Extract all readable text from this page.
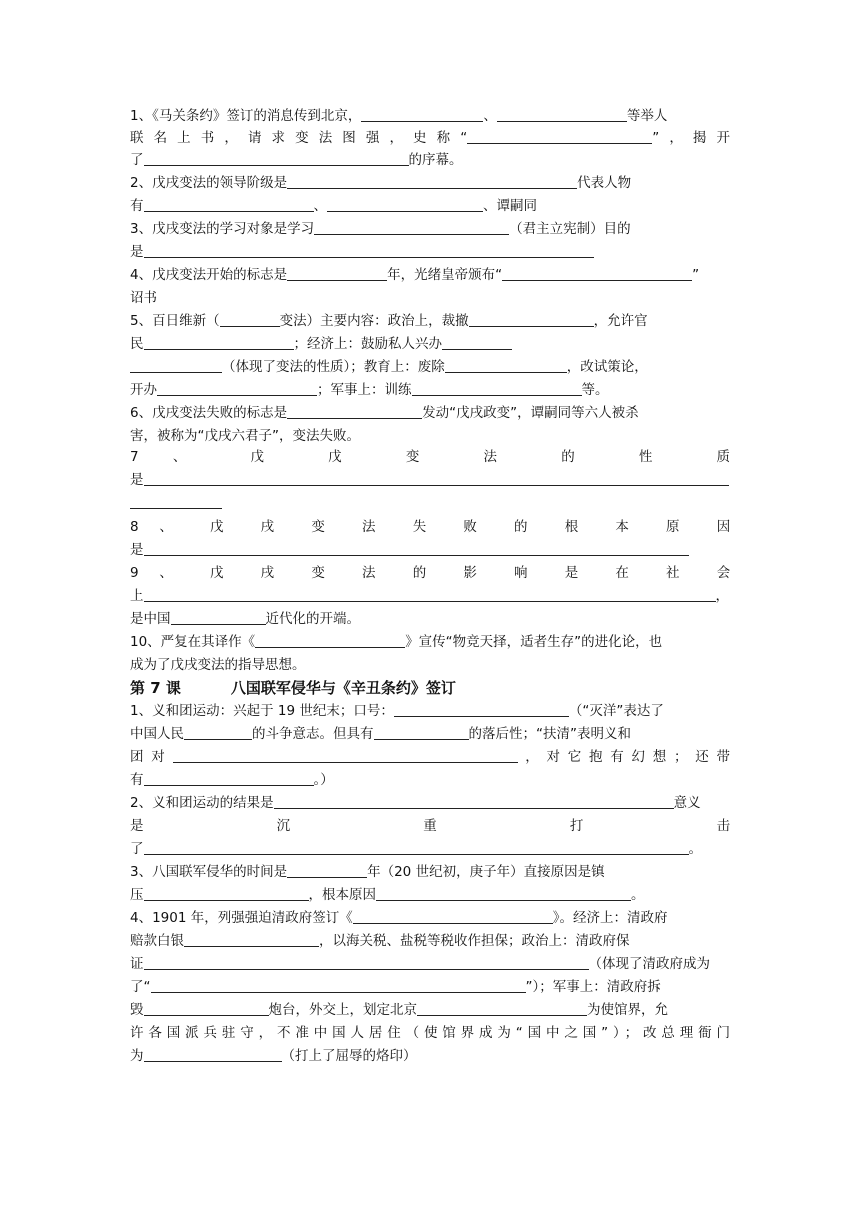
1、《马关条约》签订的消息传到北京，	、	等举人
联名上书，请求变法图强，史称“	”，揭开
了	的序幕。
2、戊戌变法的领导阶级是	代表人物
有	、	、谭嗣同
3、戊戌变法的学习对象是学习	（君主立宪制）目的
是
4、戊戌变法开始的标志是	年，光绪皇帝颁布“	”
诏书
5、百日维新（	变法）主要内容：政治上，裁撤	，允许官
民	；经济上：鼓励私人兴办
（体现了变法的性质）；教育上：废除	，改试策论，
开办	；军事上：训练	等。
6、戊戌变法失败的标志是	发动“戊戌政变”，谭嗣同等六人被杀
害，被称为“戊戌六君子”，变法失败。
7	、	戊	戊	变	法	的	性	质
是
8 、 戊 戌 变 法 失 败 的 根 本 原 因
是
9 、 戊 戌 变 法 的 影 响 是 在 社 会
上	，
是中国	近代化的开端。
10、严复在其译作《	》宣传“物竞天择，适者生存”的进化论，也
成为了戊戌变法的指导思想。
第 7 课	八国联军侵华与《辛丑条约》签订
1、义和团运动：兴起于 19 世纪末；口号：	（“灭洋”表达了
中国人民	的斗争意志。但具有	的落后性；“扶清”表明义和
团对	，对它抱有幻想；还带
有	。）
2、义和团运动的结果是	意义
是	沉	重	打	击
了	。
3、八国联军侵华的时间是	年（20 世纪初，庚子年）直接原因是镇
压	，根本原因	。
4、1901 年，列强强迫清政府签订《	》。经济上：清政府
赔款白银	，以海关税、盐税等税收作担保；政治上：清政府保
证	（体现了清政府成为
了“	”）；军事上：清政府拆
毁	炮台，外交上，划定北京	为使馆界，允
许各国派兵驻守，不准中国人居住（使馆界成为“国中之国”）；改总理衙门
为	（打上了屈辱的烙印）
